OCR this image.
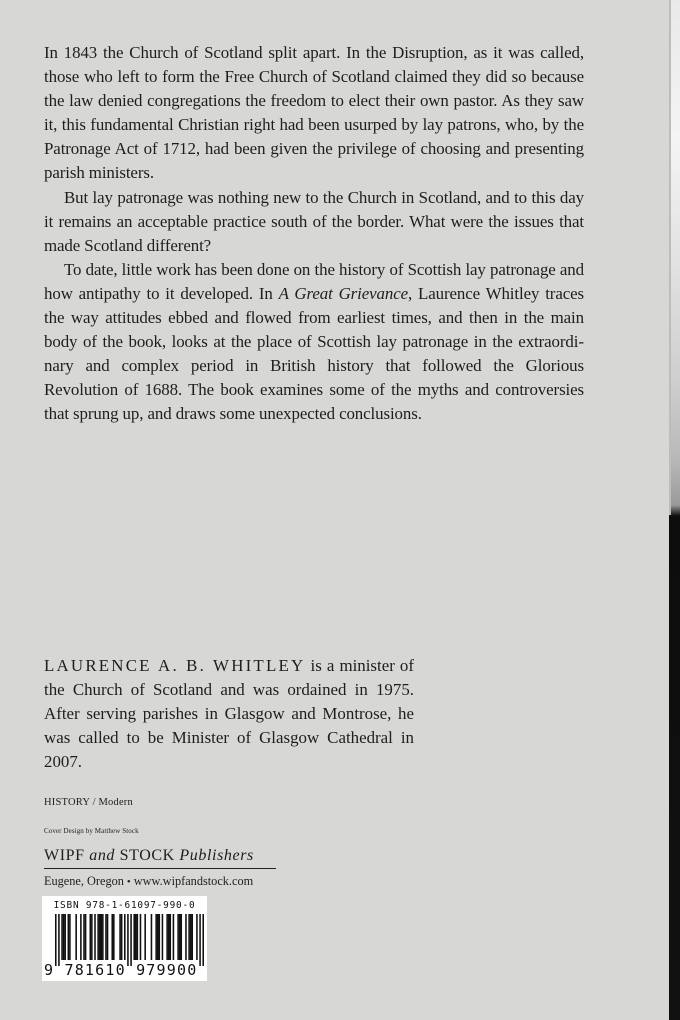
In 1843 the Church of Scotland split apart. In the Disruption, as it was called, those who left to form the Free Church of Scotland claimed they did so because the law denied congregations the freedom to elect their own pastor. As they saw it, this fundamental Christian right had been usurped by lay patrons, who, by the Patronage Act of 1712, had been given the privilege of choosing and presenting parish ministers.

But lay patronage was nothing new to the Church in Scotland, and to this day it remains an acceptable practice south of the border. What were the issues that made Scotland different?

To date, little work has been done on the history of Scottish lay patronage and how antipathy to it developed. In A Great Grievance, Laurence Whitley traces the way attitudes ebbed and flowed from earliest times, and then in the main body of the book, looks at the place of Scottish lay patronage in the extraordinary and complex period in British history that followed the Glorious Revolution of 1688. The book examines some of the myths and controversies that sprung up, and draws some unexpected conclusions.

LAURENCE A. B. WHITLEY is a minister of the Church of Scotland and was ordained in 1975. After serving parishes in Glasgow and Montrose, he was called to be Minister of Glasgow Cathedral in 2007.

HISTORY / Modern
Cover Design by Matthew Stock
WIPF and STOCK Publishers
Eugene, Oregon • www.wipfandstock.com
ISBN 978-1-61097-990-0
9 781610 979900
